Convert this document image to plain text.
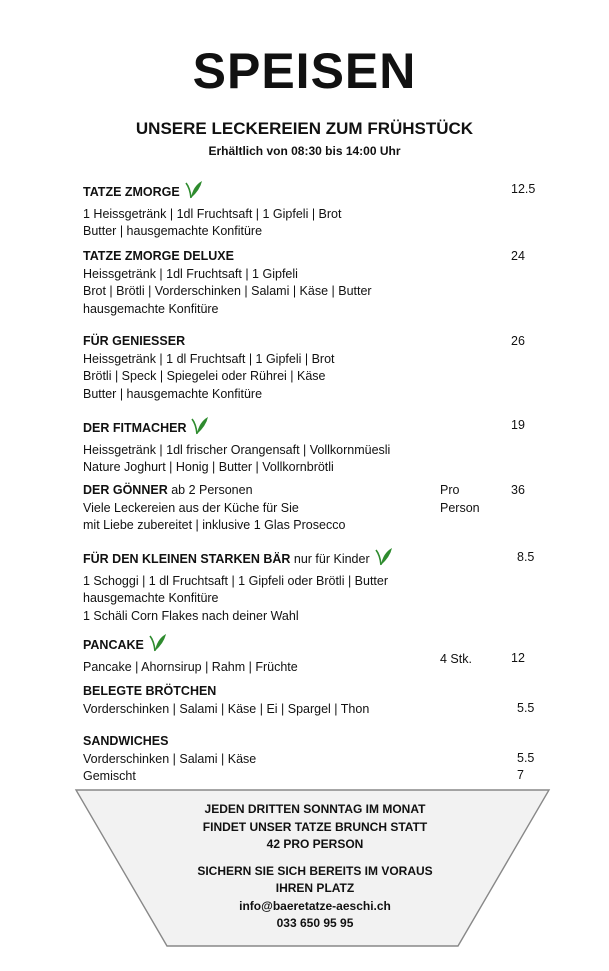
SPEISEN
UNSERE LECKEREIEN ZUM FRÜHSTÜCK
Erhältlich von 08:30 bis 14:00 Uhr
TATZE ZMORGE
1 Heissgetränk | 1dl Fruchtsaft | 1 Gipfeli | Brot
Butter | hausgemachte Konfitüre
12.5
TATZE ZMORGE DELUXE
Heissgetränk | 1dl Fruchtsaft | 1 Gipfeli
Brot | Brötli | Vorderschinken | Salami | Käse | Butter
hausgemachte Konfitüre
24
FÜR GENIESSER
Heissgetränk | 1 dl Fruchtsaft | 1 Gipfeli | Brot
Brötli | Speck | Spiegelei oder Rührei | Käse
Butter | hausgemachte Konfitüre
26
DER FITMACHER
Heissgetränk | 1dl frischer Orangensaft | Vollkornmüesli
Nature Joghurt | Honig | Butter | Vollkornbrötli
19
DER GÖNNER ab 2 Personen
Viele Leckereien aus der Küche für Sie
mit Liebe zubereitet | inklusive 1 Glas Prosecco
Pro
Person
36
FÜR DEN KLEINEN STARKEN BÄR nur für Kinder
1 Schoggi | 1 dl Fruchtsaft | 1 Gipfeli oder Brötli | Butter
hausgemachte Konfitüre
1 Schäli Corn Flakes nach deiner Wahl
8.5
PANCAKE
Pancake | Ahornsirup | Rahm | Früchte
4 Stk.	12
BELEGTE BRÖTCHEN
Vorderschinken | Salami | Käse | Ei | Spargel | Thon	5.5
SANDWICHES
Vorderschinken | Salami | Käse
Gemischt
5.5
7
JEDEN DRITTEN SONNTAG IM MONAT
FINDET UNSER TATZE BRUNCH STATT
42 PRO PERSON
SICHERN SIE SICH BEREITS IM VORAUS
IHREN PLATZ
info@baeretatze-aeschi.ch
033 650 95 95
